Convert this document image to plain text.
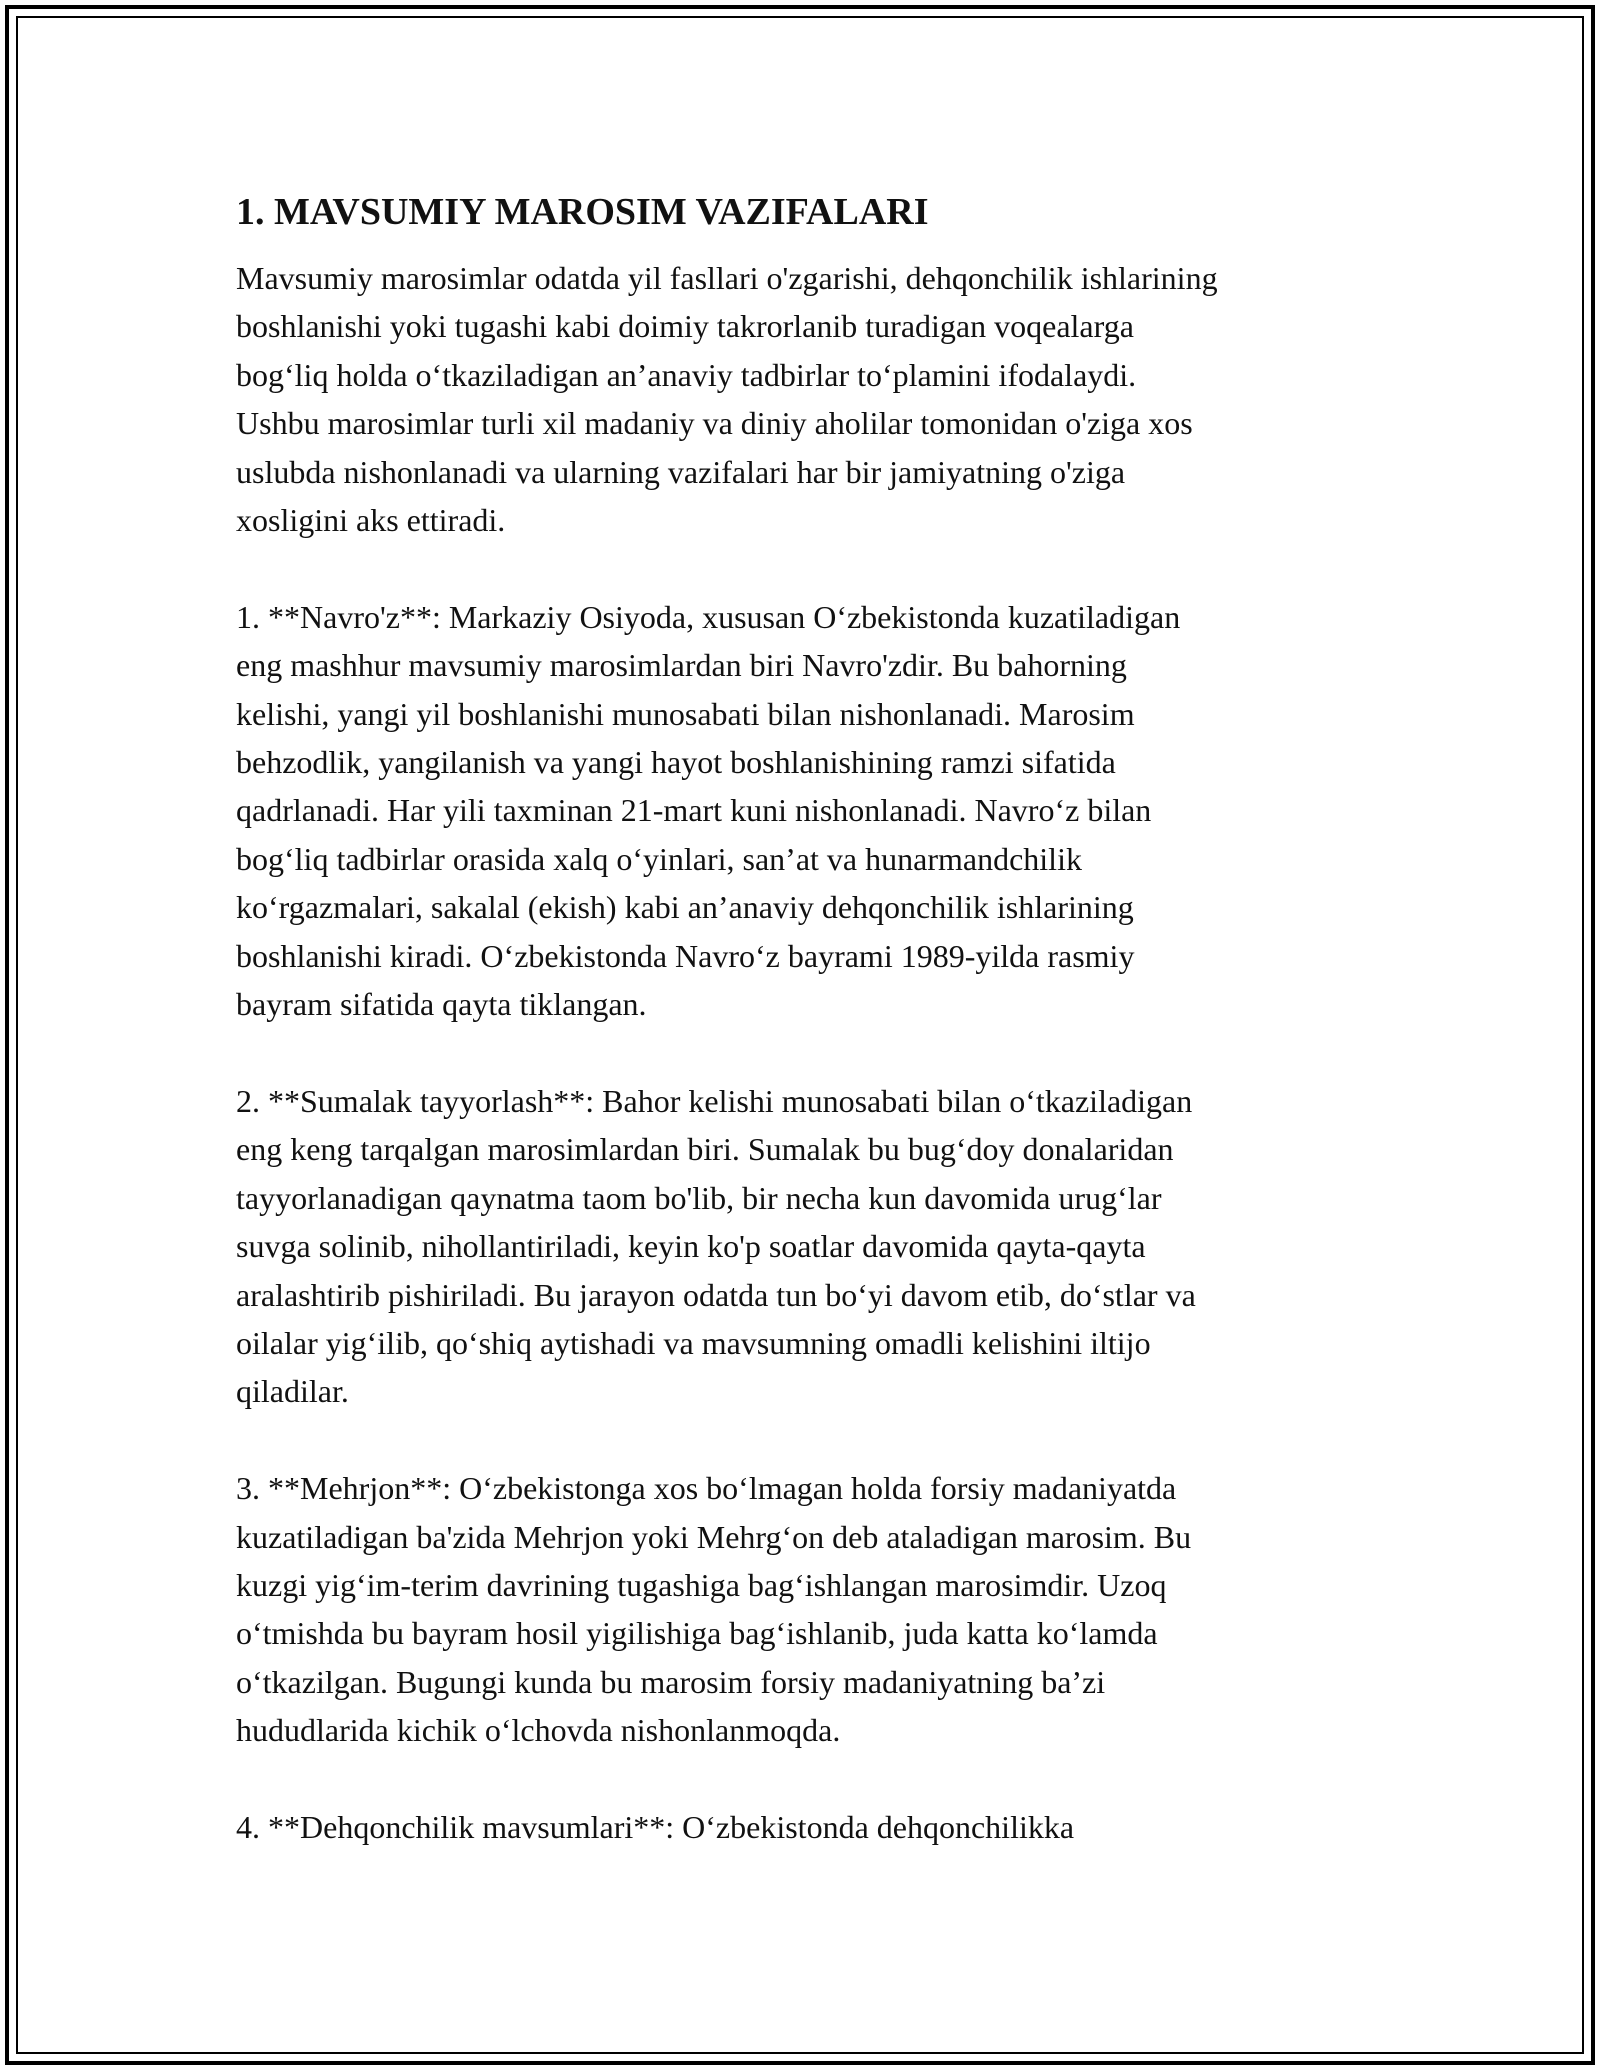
1. MAVSUMIY MAROSIM VAZIFALARI

Mavsumiy marosimlar odatda yil fasllari o'zgarishi, dehqonchilik ishlarining
boshlanishi yoki tugashi kabi doimiy takrorlanib turadigan voqealarga
bog‘liq holda o‘tkaziladigan an’anaviy tadbirlar to‘plamini ifodalaydi.
Ushbu marosimlar turli xil madaniy va diniy aholilar tomonidan o'ziga xos
uslubda nishonlanadi va ularning vazifalari har bir jamiyatning o'ziga
xosligini aks ettiradi.

1. **Navro'z**: Markaziy Osiyoda, xususan O‘zbekistonda kuzatiladigan
eng mashhur mavsumiy marosimlardan biri Navro'zdir. Bu bahorning
kelishi, yangi yil boshlanishi munosabati bilan nishonlanadi. Marosim
behzodlik, yangilanish va yangi hayot boshlanishining ramzi sifatida
qadrlanadi. Har yili taxminan 21-mart kuni nishonlanadi. Navro‘z bilan
bog‘liq tadbirlar orasida xalq o‘yinlari, san’at va hunarmandchilik
ko‘rgazmalari, sakalal (ekish) kabi an’anaviy dehqonchilik ishlarining
boshlanishi kiradi. O‘zbekistonda Navro‘z bayrami 1989-yilda rasmiy
bayram sifatida qayta tiklangan.

2. **Sumalak tayyorlash**: Bahor kelishi munosabati bilan o‘tkaziladigan
eng keng tarqalgan marosimlardan biri. Sumalak bu bug‘doy donalaridan
tayyorlanadigan qaynatma taom bo'lib, bir necha kun davomida urug‘lar
suvga solinib, nihollantiriladi, keyin ko'p soatlar davomida qayta-qayta
aralashtirib pishiriladi. Bu jarayon odatda tun bo‘yi davom etib, do‘stlar va
oilalar yig‘ilib, qo‘shiq aytishadi va mavsumning omadli kelishini iltijo
qiladilar.

3. **Mehrjon**: O‘zbekistonga xos bo‘lmagan holda forsiy madaniyatda
kuzatiladigan ba'zida Mehrjon yoki Mehrg‘on deb ataladigan marosim. Bu
kuzgi yig‘im-terim davrining tugashiga bag‘ishlangan marosimdir. Uzoq
o‘tmishda bu bayram hosil yigilishiga bag‘ishlanib, juda katta ko‘lamda
o‘tkazilgan. Bugungi kunda bu marosim forsiy madaniyatning ba’zi
hududlarida kichik o‘lchovda nishonlanmoqda.

4. **Dehqonchilik mavsumlari**: O‘zbekistonda dehqonchilikka
